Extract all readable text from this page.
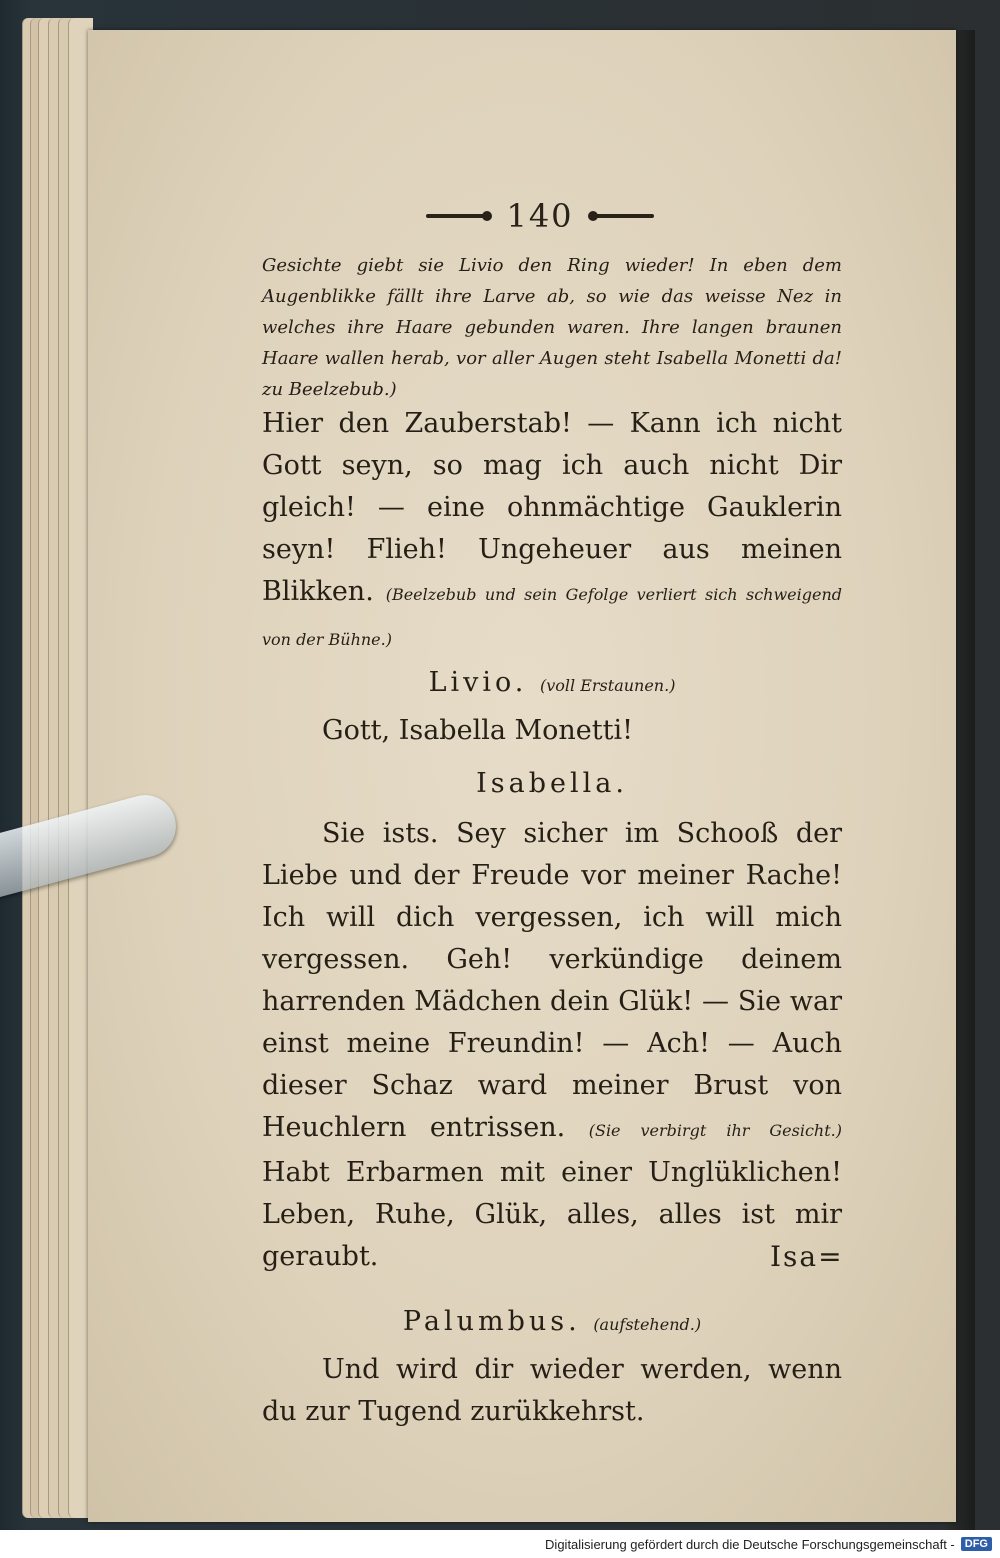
140

Gesichte giebt sie Livio den Ring wieder! In eben dem Augenblikke fällt ihre Larve ab, so wie das weisse Nez in welches ihre Haare gebunden waren. Ihre langen braunen Haare wallen herab, vor aller Augen steht Isabella Monetti da! zu Beelzebub.)

Hier den Zauberstab! — Kann ich nicht Gott seyn, so mag ich auch nicht Dir gleich! — eine ohnmächtige Gauklerin seyn! Flieh! Ungeheuer aus meinen Blikken. (Beelzebub und sein Gefolge verliert sich schweigend von der Bühne.)

Livio. (voll Erstaunen.)

Gott, Isabella Monetti!

Isabella.

Sie ists. Sey sicher im Schooß der Liebe und der Freude vor meiner Rache! Ich will dich vergessen, ich will mich vergessen. Geh! verkündige deinem harrenden Mädchen dein Glük! — Sie war einst meine Freundin! — Ach! — Auch dieser Schaz ward meiner Brust von Heuchlern entrissen. (Sie verbirgt ihr Gesicht.) Habt Erbarmen mit einer Unglüklichen! Leben, Ruhe, Glük, alles, alles ist mir geraubt.

Palumbus. (aufstehend.)

Und wird dir wieder werden, wenn du zur Tugend zurükkehrst.

Isa=
Digitalisierung gefördert durch die Deutsche Forschungsgemeinschaft - DFG
